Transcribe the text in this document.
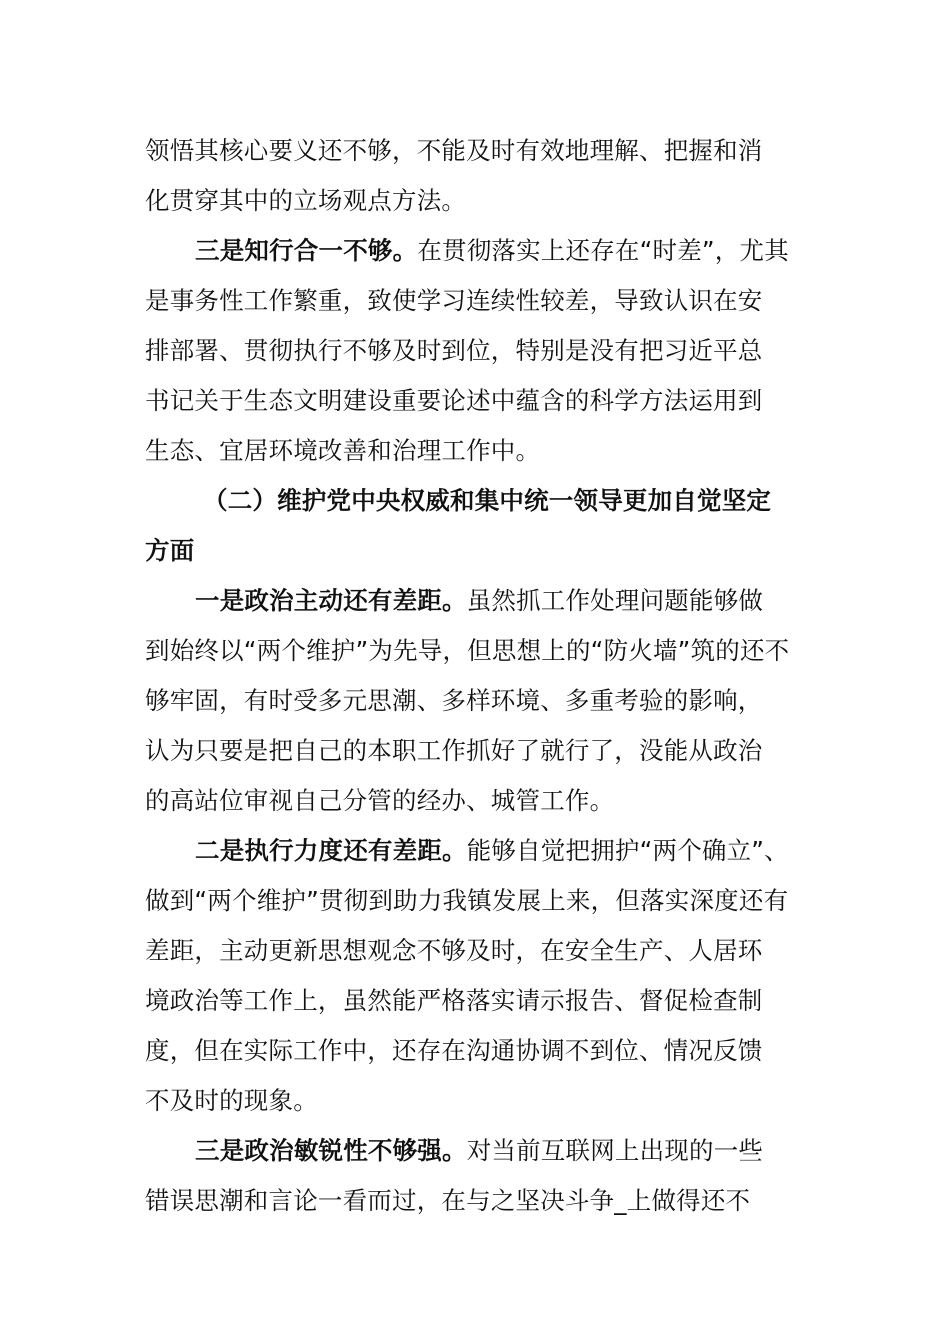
领悟其核心要义还不够，不能及时有效地理解、把握和消
化贯穿其中的立场观点方法。
三是知行合一不够。在贯彻落实上还存在“时差”，尤其
是事务性工作繁重，致使学习连续性较差，导致认识在安
排部署、贯彻执行不够及时到位，特别是没有把习近平总
书记关于生态文明建设重要论述中蕴含的科学方法运用到
生态、宜居环境改善和治理工作中。
（二）维护党中央权威和集中统一领导更加自觉坚定
方面
一是政治主动还有差距。虽然抓工作处理问题能够做
到始终以“两个维护”为先导，但思想上的“防火墙”筑的还不
够牢固，有时受多元思潮、多样环境、多重考验的影响，
认为只要是把自己的本职工作抓好了就行了，没能从政治
的高站位审视自己分管的经办、城管工作。
二是执行力度还有差距。能够自觉把拥护“两个确立”、
做到“两个维护”贯彻到助力我镇发展上来，但落实深度还有
差距，主动更新思想观念不够及时，在安全生产、人居环
境政治等工作上，虽然能严格落实请示报告、督促检查制
度，但在实际工作中，还存在沟通协调不到位、情况反馈
不及时的现象。
三是政治敏锐性不够强。对当前互联网上出现的一些
错误思潮和言论一看而过，在与之坚决斗争_上做得还不
